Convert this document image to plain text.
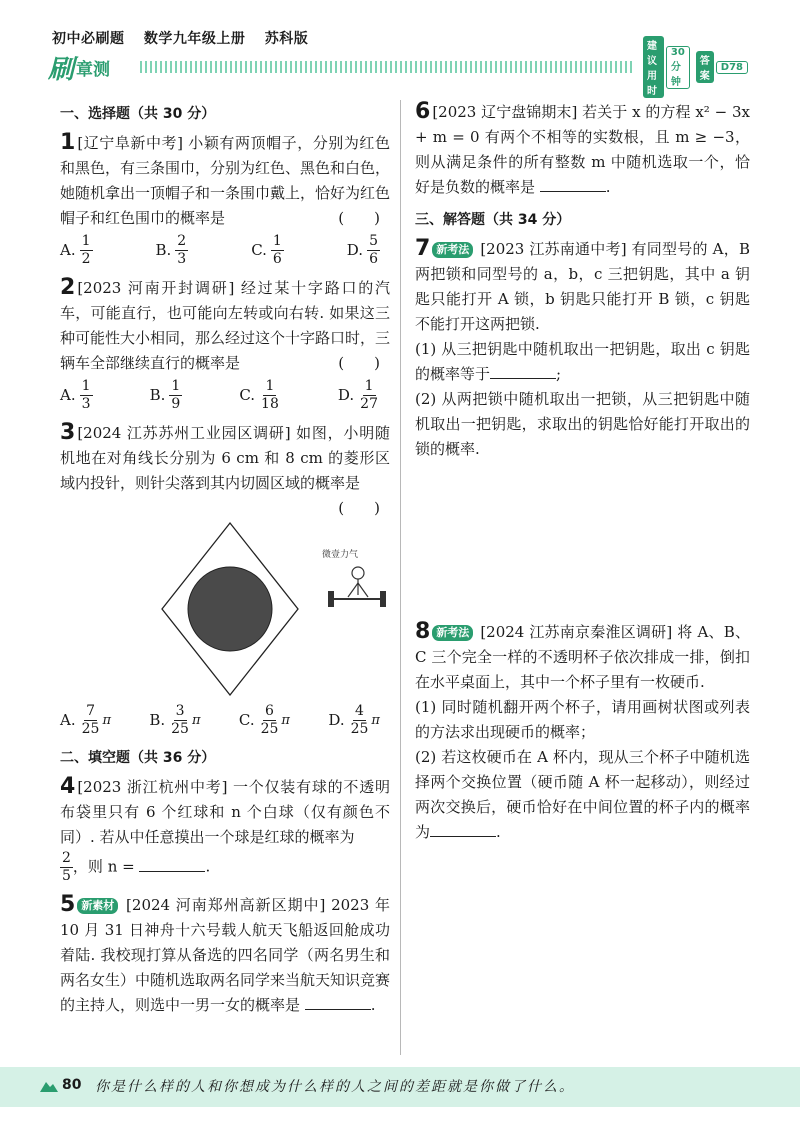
初中必刷题 数学九年级上册 苏科版
刷 章测
建议用时
30 分钟
答案
D78
一、选择题（共 30 分）
1 [辽宁阜新中考] 小颖有两顶帽子，分别为红色和黑色，有三条围巾，分别为红色、黑色和白色，她随机拿出一顶帽子和一条围巾戴上，恰好为红色帽子和红色围巾的概率是	(　　)
A. $\frac{1}{2}$	B. $\frac{2}{3}$	C. $\frac{1}{6}$	D. $\frac{5}{6}$
2 [2023 河南开封调研] 经过某十字路口的汽车，可能直行，也可能向左转或向右转. 如果这三种可能性大小相同，那么经过这个十字路口时，三辆车全部继续直行的概率是	(　　)
A. $\frac{1}{3}$	B. $\frac{1}{9}$	C. $\frac{1}{18}$	D. $\frac{1}{27}$
3 [2024 江苏苏州工业园区调研] 如图，小明随机地在对角线长分别为 6 cm 和 8 cm 的菱形区域内投针，则针尖落到其内切圆区域的概率是
(　　)
微壹力气
A. $\frac{7}{25}$ π	B. $\frac{3}{25}$ π	C. $\frac{6}{25}$ π	D. $\frac{4}{25}$ π
二、填空题（共 36 分）
4 [2023 浙江杭州中考] 一个仅装有球的不透明布袋里只有 6 个红球和 n 个白球（仅有颜色不同）. 若从中任意摸出一个球是红球的概率为
$\frac{2}{5}$ ，则 n =	.
5 新素材 [2024 河南郑州高新区期中] 2023 年 10 月 31 日神舟十六号载人航天飞船返回舱成功着陆. 我校现打算从备选的四名同学（两名男生和两名女生）中随机选取两名同学来当航天知识竞赛的主持人，则选中一男一女的概率是	.
6 [2023 辽宁盘锦期末] 若关于 x 的方程 x² − 3x + m = 0 有两个不相等的实数根，且 m ≥ −3，则从满足条件的所有整数 m 中随机选取一个，恰好是负数的概率是	.
三、解答题（共 34 分）
7 新考法 [2023 江苏南通中考] 有同型号的 A，B 两把锁和同型号的 a，b，c 三把钥匙，其中 a 钥匙只能打开 A 锁，b 钥匙只能打开 B 锁，c 钥匙不能打开这两把锁.
(1) 从三把钥匙中随机取出一把钥匙，取出 c 钥匙的概率等于	;
(2) 从两把锁中随机取出一把锁，从三把钥匙中随机取出一把钥匙，求取出的钥匙恰好能打开取出的锁的概率.
8 新考法 [2024 江苏南京秦淮区调研] 将 A、B、C 三个完全一样的不透明杯子依次排成一排，倒扣在水平桌面上，其中一个杯子里有一枚硬币.
(1) 同时随机翻开两个杯子，请用画树状图或列表的方法求出现硬币的概率；
(2) 若这枚硬币在 A 杯内，现从三个杯子中随机选择两个交换位置（硬币随 A 杯一起移动），则经过两次交换后，硬币恰好在中间位置的杯子内的概率为	.
80 你是什么样的人和你想成为什么样的人之间的差距就是你做了什么。
